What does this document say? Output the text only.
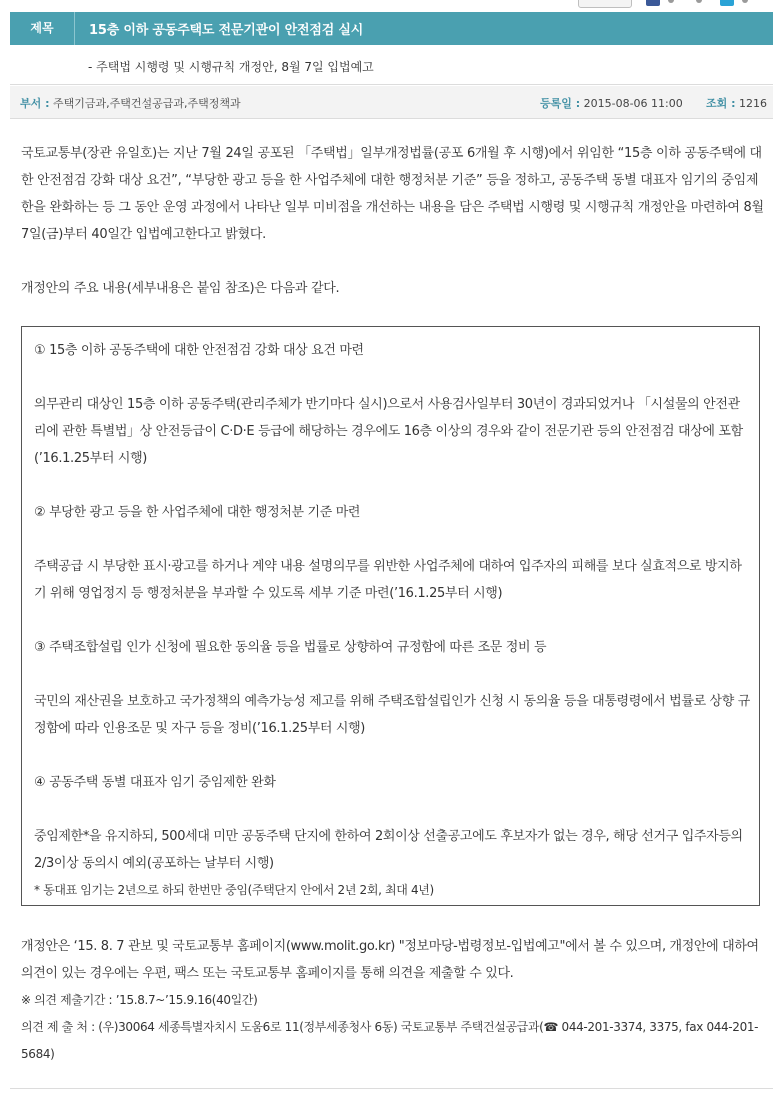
제목	15층 이하 공동주택도 전문기관이 안전점검 실시
- 주택법 시행령 및 시행규칙 개정안, 8월 7일 입법예고
부서 : 주택기금과,주택건설공급과,주택정책과	등록일 : 2015-08-06 11:00 조회 : 1216

국토교통부(장관 유일호)는 지난 7월 24일 공포된 「주택법」일부개정법률(공포 6개월 후 시행)에서 위임한 “15층 이하 공동주택에 대한 안전점검 강화 대상 요건”, “부당한 광고 등을 한 사업주체에 대한 행정처분 기준” 등을 정하고, 공동주택 동별 대표자 임기의 중임제한을 완화하는 등 그 동안 운영 과정에서 나타난 일부 미비점을 개선하는 내용을 담은 주택법 시행령 및 시행규칙 개정안을 마련하여 8월 7일(금)부터 40일간 입법예고한다고 밝혔다.

개정안의 주요 내용(세부내용은 붙임 참조)은 다음과 같다.

① 15층 이하 공동주택에 대한 안전점검 강화 대상 요건 마련

의무관리 대상인 15층 이하 공동주택(관리주체가 반기마다 실시)으로서 사용검사일부터 30년이 경과되었거나 「시설물의 안전관리에 관한 특별법」상 안전등급이 C·D·E 등급에 해당하는 경우에도 16층 이상의 경우와 같이 전문기관 등의 안전점검 대상에 포함(’16.1.25부터 시행)

② 부당한 광고 등을 한 사업주체에 대한 행정처분 기준 마련

주택공급 시 부당한 표시·광고를 하거나 계약 내용 설명의무를 위반한 사업주체에 대하여 입주자의 피해를 보다 실효적으로 방지하기 위해 영업정지 등 행정처분을 부과할 수 있도록 세부 기준 마련(’16.1.25부터 시행)

③ 주택조합설립 인가 신청에 필요한 동의율 등을 법률로 상향하여 규정함에 따른 조문 정비 등

국민의 재산권을 보호하고 국가정책의 예측가능성 제고를 위해 주택조합설립인가 신청 시 동의율 등을 대통령령에서 법률로 상향 규정함에 따라 인용조문 및 자구 등을 정비(’16.1.25부터 시행)

④ 공동주택 동별 대표자 임기 중임제한 완화

중임제한*을 유지하되, 500세대 미만 공동주택 단지에 한하여 2회이상 선출공고에도 후보자가 없는 경우, 해당 선거구 입주자등의 2/3이상 동의시 예외(공포하는 날부터 시행)

* 동대표 임기는 2년으로 하되 한번만 중임(주택단지 안에서 2년 2회, 최대 4년)

개정안은 ‘15. 8. 7 관보 및 국토교통부 홈페이지(www.molit.go.kr) "정보마당-법령정보-입법예고"에서 볼 수 있으며, 개정안에 대하여 의견이 있는 경우에는 우편, 팩스 또는 국토교통부 홈페이지를 통해 의견을 제출할 수 있다.

※ 의견 제출기간 : ’15.8.7~’15.9.16(40일간)

의견 제 출 처 : (우)30064 세종특별자치시 도움6로 11(정부세종청사 6동) 국토교통부 주택건설공급과(☎ 044-201-3374, 3375, fax 044-201-5684)
